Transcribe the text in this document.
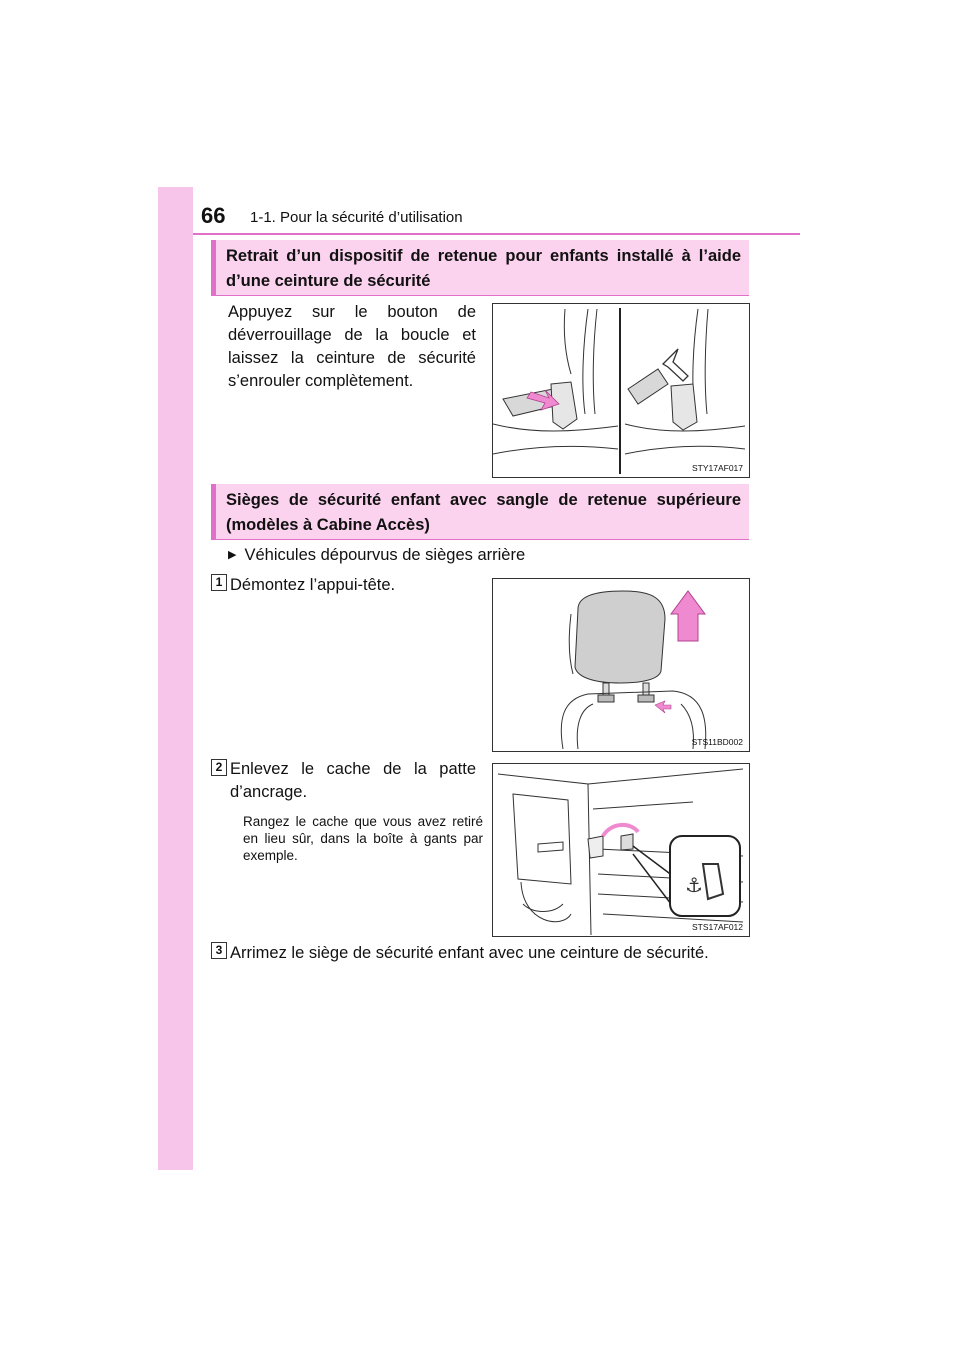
66 1-1. Pour la sécurité d’utilisation
Retrait d’un dispositif de retenue pour enfants installé à l’aide d’une ceinture de sécurité
Appuyez sur le bouton de déverrouillage de la boucle et laissez la ceinture de sécurité s’enrouler complètement.
STY17AF017
Sièges de sécurité enfant avec sangle de retenue supérieure (modèles à Cabine Accès)
▶ Véhicules dépourvus de sièges arrière
1 Démontez l’appui-tête.
STS11BD002
2 Enlevez le cache de la patte d’ancrage.
Rangez le cache que vous avez retiré en lieu sûr, dans la boîte à gants par exemple.
⚓
STS17AF012
3 Arrimez le siège de sécurité enfant avec une ceinture de sécurité.
